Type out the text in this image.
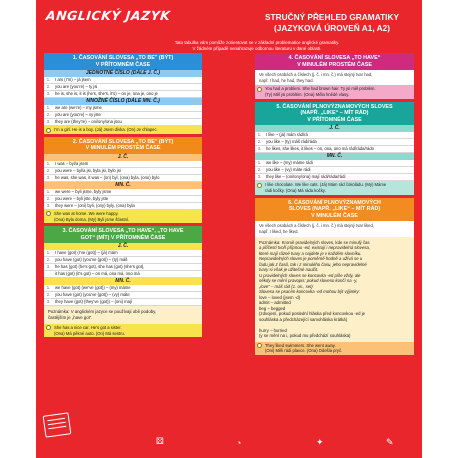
ANGLICKÝ JAZYK	STRUČNÝ PŘEHLED GRAMATIKY
(JAZYKOVÁ ÚROVEŇ A1, A2)
Tato tabulka vám pomůže zorientovat se v základní problematice anglické gramatiky.
V žádném případě nenahrazuje odbornou literaturu v dané oblasti.
1. ČASOVÁNÍ SLOVESA „TO BE" (BÝT)
V PŘÍTOMNÉM ČASE
JEDNOTNÉ ČÍSLO (DÁLE J. Č.)
1.	I am (I’m) – já jsem
2.	you are (you’re) – ty jsi
3.	he is, she is, it is (he’s, she’s, it’s) – on je, ona je, ono je
MNOŽNÉ ČÍSLO (DÁLE MN. Č.)
1.	we are (we’re) – my jsme
2.	you are (you’re) – vy jste
3.	they are (they’re) – oni/ony/ona jsou
I’m a girl. He is a boy. (Já) Jsem dívka. (On) Je chlapec.
2. ČASOVÁNÍ SLOVESA „TO BE" (BÝT)
V MINULÉM PROSTÉM ČASE
J. Č.
1.	I was – byl/a jsem
2.	you were – byl/a jsi, byla jsi, bylo jsi
3.	he was, she was, it was – (on) byl, (ona) byla, (ono) bylo
MN. Č.
1.	we were – byli jsme, byly jsme
2.	you were – byli jste, byly jste
3.	they were – (oni) byli, (ony) byly, (ona) byla
She was at home. We were happy.
(Ona) Byla doma. (My) Byli jsme šťastní.
3. ČASOVÁNÍ SLOVESA „TO HAVE“, „TO HAVE
GOT“ (MÍT) V PŘÍTOMNÉM ČASE
J. Č.
1.	I have (got) (I’ve (got)) – (já) mám
2.	you have (got) (you’ve (got)) – (ty) máš
3.	he has (got) (he’s got), she has (got) (she’s got),
it has (got) (it’s got) – on má, ona má, ono má
MN. Č.
1.	we have (got) (we’ve (got)) – (my) máme
2.	you have (got) (you’ve (got)) – (vy) máte
3.	they have (got) (they’ve (got)) – (oni) mají
Poznámka: V anglickém jazyce se používají obě podoby,
častějším je „have got“.
She has a nice car. He’s got a sister.
(Ona) Má pěkné auto. (On) Má sestru.
4. ČASOVÁNÍ SLOVESA „TO HAVE“
V MINULÉM PROSTÉM ČASE
Ve všech osobách a číslech (j. č. i mn. č.) má stejný tvar had,
např. I had, he had, they had.
You had a problem. She had brown hair. Ty jsi měl problém.
(Ty) Měl jsi problém. (Ona) Měla hnědé vlasy.
5. ČASOVÁNÍ PLNOVÝZNAMOVÝCH SLOVES
(NAPŘ. „LIKE“ – MÍT RÁD)
V PŘÍTOMNÉM ČASE
J. Č.
1.	I like – (já) mám rád/rá
2.	you like – (ty) máš rád/ráda
3.	he likes, she likes, it likes – on, ona, ono má rád/ráda/rádo
MN. Č.
1.	we like – (my) máme rádi
2.	you like – (vy) máte rádi
3.	they like – (oni/ony/ona) mají rádi/ráda/rádi
I like chocolate. We like cats. (Já) Mám rád čokoládu. (My) Máme
rádi kočky. (Ona) Má ráda kočky.
6. ČASOVÁNÍ PLNOVÝZNAMOVÝCH
SLOVES (NAPŘ. „LIKE“ – MÍT RÁD)
V MINULÉM ČASE
Ve všech osobách a číslech (j. č. i mn. č.) má stejný tvar liked,
např. I liked, he liked.
Poznámka: Kromě pravidelných sloves, kde se minulý čas
a příčestí tvoří přípnou -ed, existují i nepravidelná slovesa,
které mají různé tvary a najdete je v každém slovníku.
Nepravidelných sloves je poměrně hodně a užívá se u
řadu jak z časů, tak i z minulého času, jeho nepravidelné
tvary si však je užitečné naučit.
U pravidelných sloves se koncovka -ed píše vždy, ale
někdy se mění pravopis: pokud sloveso končí na -y,
„love“ – máš rád (1. os., set)
Slovesa se psaním koncovka -ed mohou být výjimky:
love – loved (jsem -d)
admit – admitted
beg – begged
(zdvojení, pokud poslední hláska před koncovkou -ed je
souhláska a předcházející samohláska krátká)

hurry – hurried
(y se mění na i, pokud mu předchází souhláska)
They liked swimmers. She went away.
(Oni) Měli rádi plavce. (Ona) Odešla pryč.
⚄	◔	✦	✎
